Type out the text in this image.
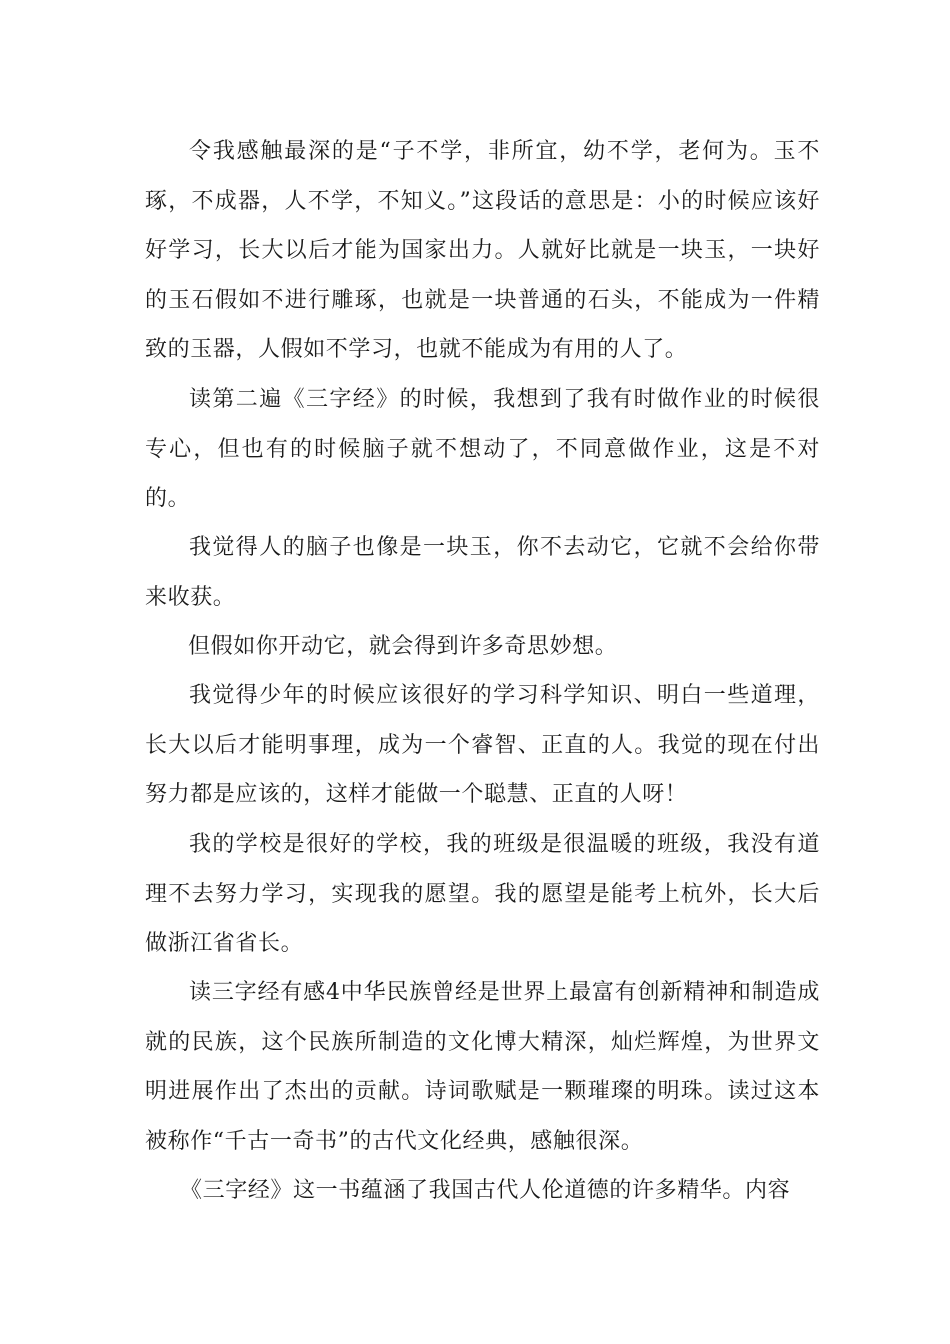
令我感触最深的是“子不学，非所宜，幼不学，老何为。玉不琢，不成器，人不学，不知义。”这段话的意思是：小的时候应该好好学习，长大以后才能为国家出力。人就好比就是一块玉，一块好的玉石假如不进行雕琢，也就是一块普通的石头，不能成为一件精致的玉器，人假如不学习，也就不能成为有用的人了。

读第二遍《三字经》的时候，我想到了我有时做作业的时候很专心，但也有的时候脑子就不想动了，不同意做作业，这是不对的。

我觉得人的脑子也像是一块玉，你不去动它，它就不会给你带来收获。

但假如你开动它，就会得到许多奇思妙想。

我觉得少年的时候应该很好的学习科学知识、明白一些道理，长大以后才能明事理，成为一个睿智、正直的人。我觉的现在付出努力都是应该的，这样才能做一个聪慧、正直的人呀！

我的学校是很好的学校，我的班级是很温暖的班级，我没有道理不去努力学习，实现我的愿望。我的愿望是能考上杭外，长大后做浙江省省长。

读三字经有感4中华民族曾经是世界上最富有创新精神和制造成就的民族，这个民族所制造的文化博大精深，灿烂辉煌，为世界文明进展作出了杰出的贡献。诗词歌赋是一颗璀璨的明珠。读过这本被称作“千古一奇书”的古代文化经典，感触很深。

《三字经》这一书蕴涵了我国古代人伦道德的许多精华。内容
